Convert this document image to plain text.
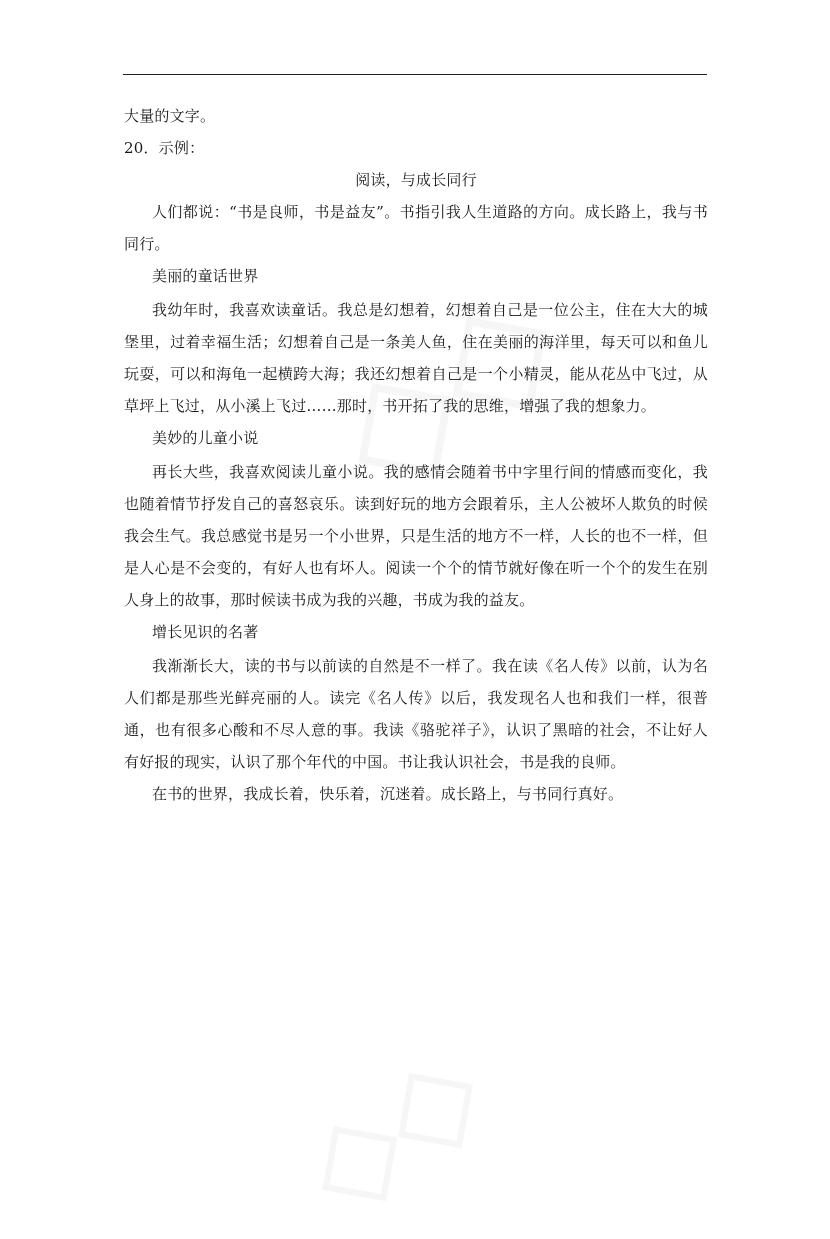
大量的文字。

20．示例：

阅读，与成长同行

人们都说：“书是良师，书是益友”。书指引我人生道路的方向。成长路上，我与书同行。

美丽的童话世界

我幼年时，我喜欢读童话。我总是幻想着，幻想着自己是一位公主，住在大大的城堡里，过着幸福生活；幻想着自己是一条美人鱼，住在美丽的海洋里，每天可以和鱼儿玩耍，可以和海龟一起横跨大海；我还幻想着自己是一个小精灵，能从花丛中飞过，从草坪上飞过，从小溪上飞过……那时，书开拓了我的思维，增强了我的想象力。

美妙的儿童小说

再长大些，我喜欢阅读儿童小说。我的感情会随着书中字里行间的情感而变化，我也随着情节抒发自己的喜怒哀乐。读到好玩的地方会跟着乐，主人公被坏人欺负的时候我会生气。我总感觉书是另一个小世界，只是生活的地方不一样，人长的也不一样，但是人心是不会变的，有好人也有坏人。阅读一个个的情节就好像在听一个个的发生在别人身上的故事，那时候读书成为我的兴趣，书成为我的益友。

增长见识的名著

我渐渐长大，读的书与以前读的自然是不一样了。我在读《名人传》以前，认为名人们都是那些光鲜亮丽的人。读完《名人传》以后，我发现名人也和我们一样，很普通，也有很多心酸和不尽人意的事。我读《骆驼祥子》，认识了黑暗的社会，不让好人有好报的现实，认识了那个年代的中国。书让我认识社会，书是我的良师。

在书的世界，我成长着，快乐着，沉迷着。成长路上，与书同行真好。
